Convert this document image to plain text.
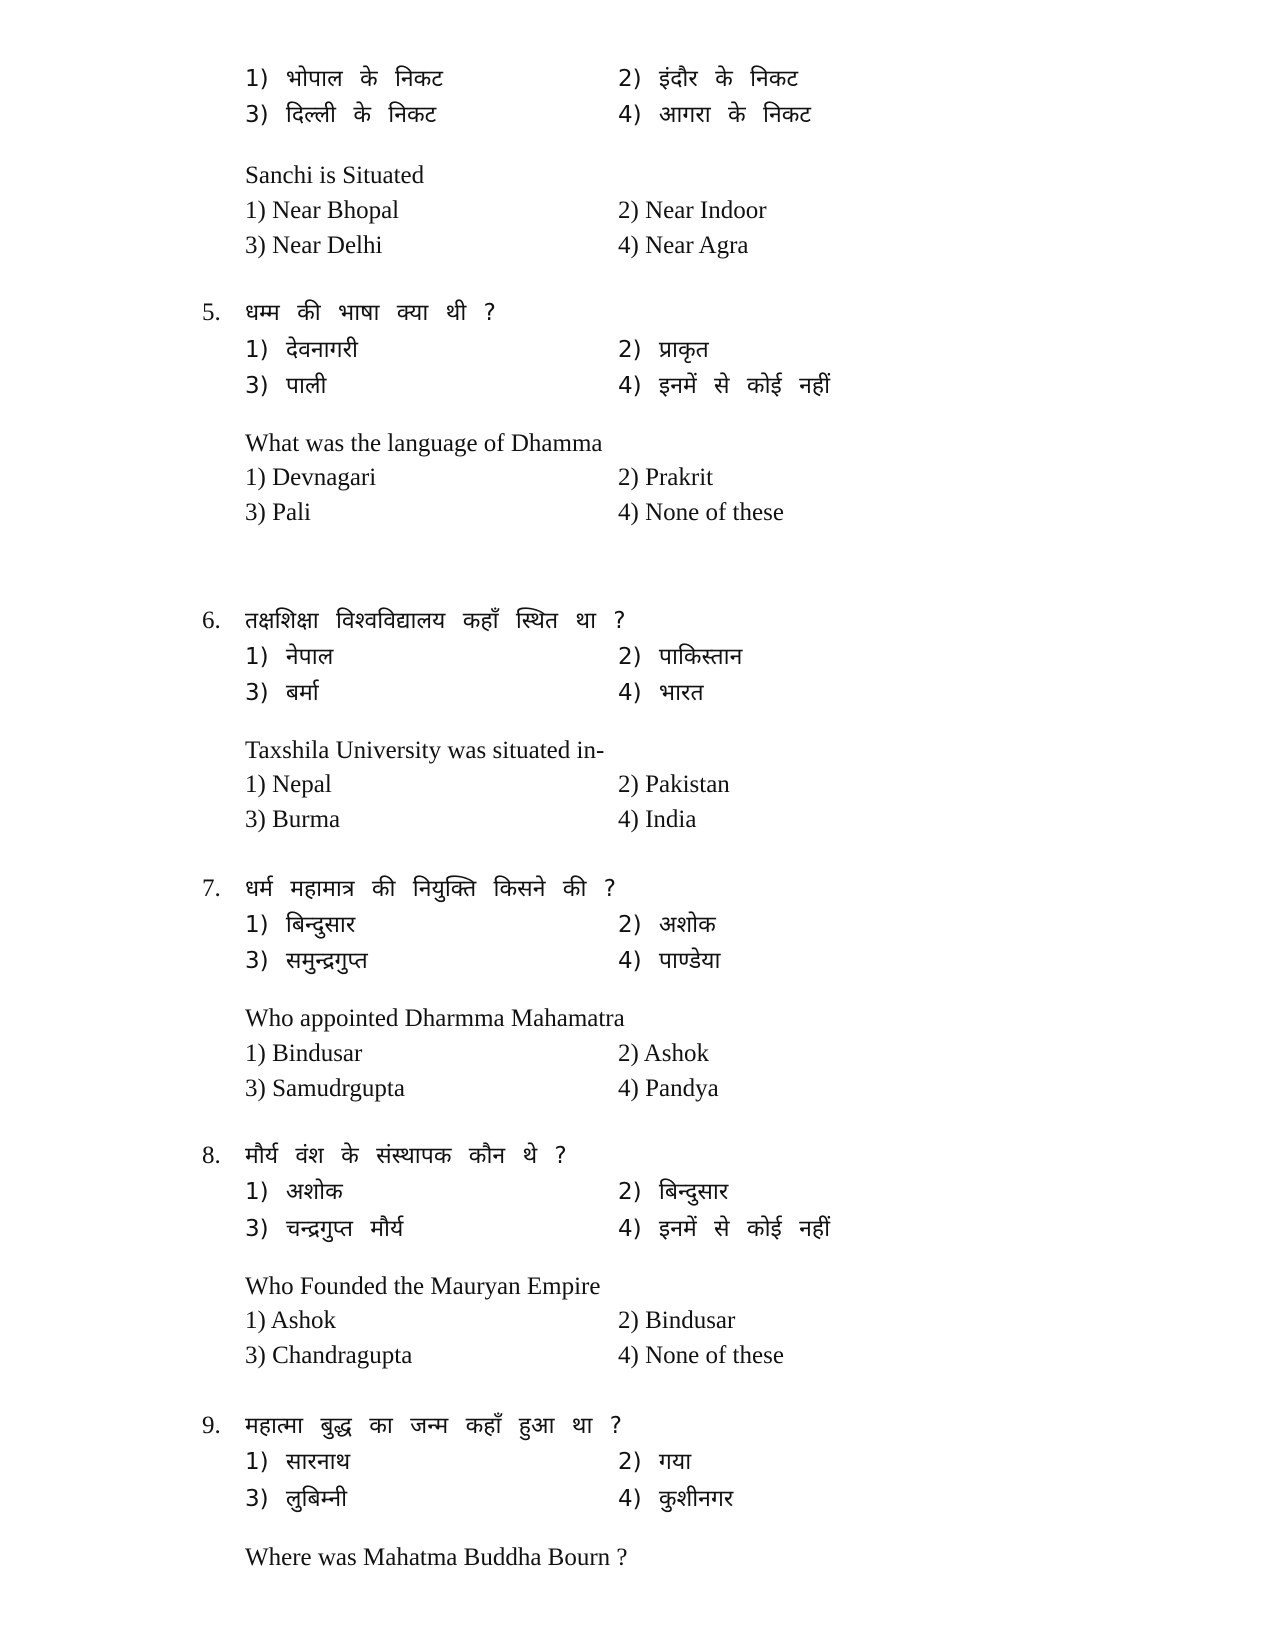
1) भोपाल के निकट	2) इंदौर के निकट
3) दिल्ली के निकट	4) आगरा के निकट
Sanchi is Situated
1) Near Bhopal	2) Near Indoor
3) Near Delhi	4) Near Agra
5. धम्म की भाषा क्या थी ?
1) देवनागरी	2) प्राकृत
3) पाली	4) इनमें से कोई नहीं
What was the language of Dhamma
1) Devnagari	2) Prakrit
3) Pali	4) None of these
6. तक्षशिक्षा विश्वविद्यालय कहाँ स्थित था ?
1) नेपाल	2) पाकिस्तान
3) बर्मा	4) भारत
Taxshila University was situated in-
1) Nepal	2) Pakistan
3) Burma	4) India
7. धर्म महामात्र की नियुक्ति किसने की ?
1) बिन्दुसार	2) अशोक
3) समुन्द्रगुप्त	4) पाण्डेया
Who appointed Dharmma Mahamatra
1) Bindusar	2) Ashok
3) Samudrgupta	4) Pandya
8. मौर्य वंश के संस्थापक कौन थे ?
1) अशोक	2) बिन्दुसार
3) चन्द्रगुप्त मौर्य	4) इनमें से कोई नहीं
Who Founded the Mauryan Empire
1) Ashok	2) Bindusar
3) Chandragupta	4) None of these
9. महात्मा बुद्ध का जन्म कहाँ हुआ था ?
1) सारनाथ	2) गया
3) लुबिम्नी	4) कुशीनगर
Where was Mahatma Buddha Bourn ?
